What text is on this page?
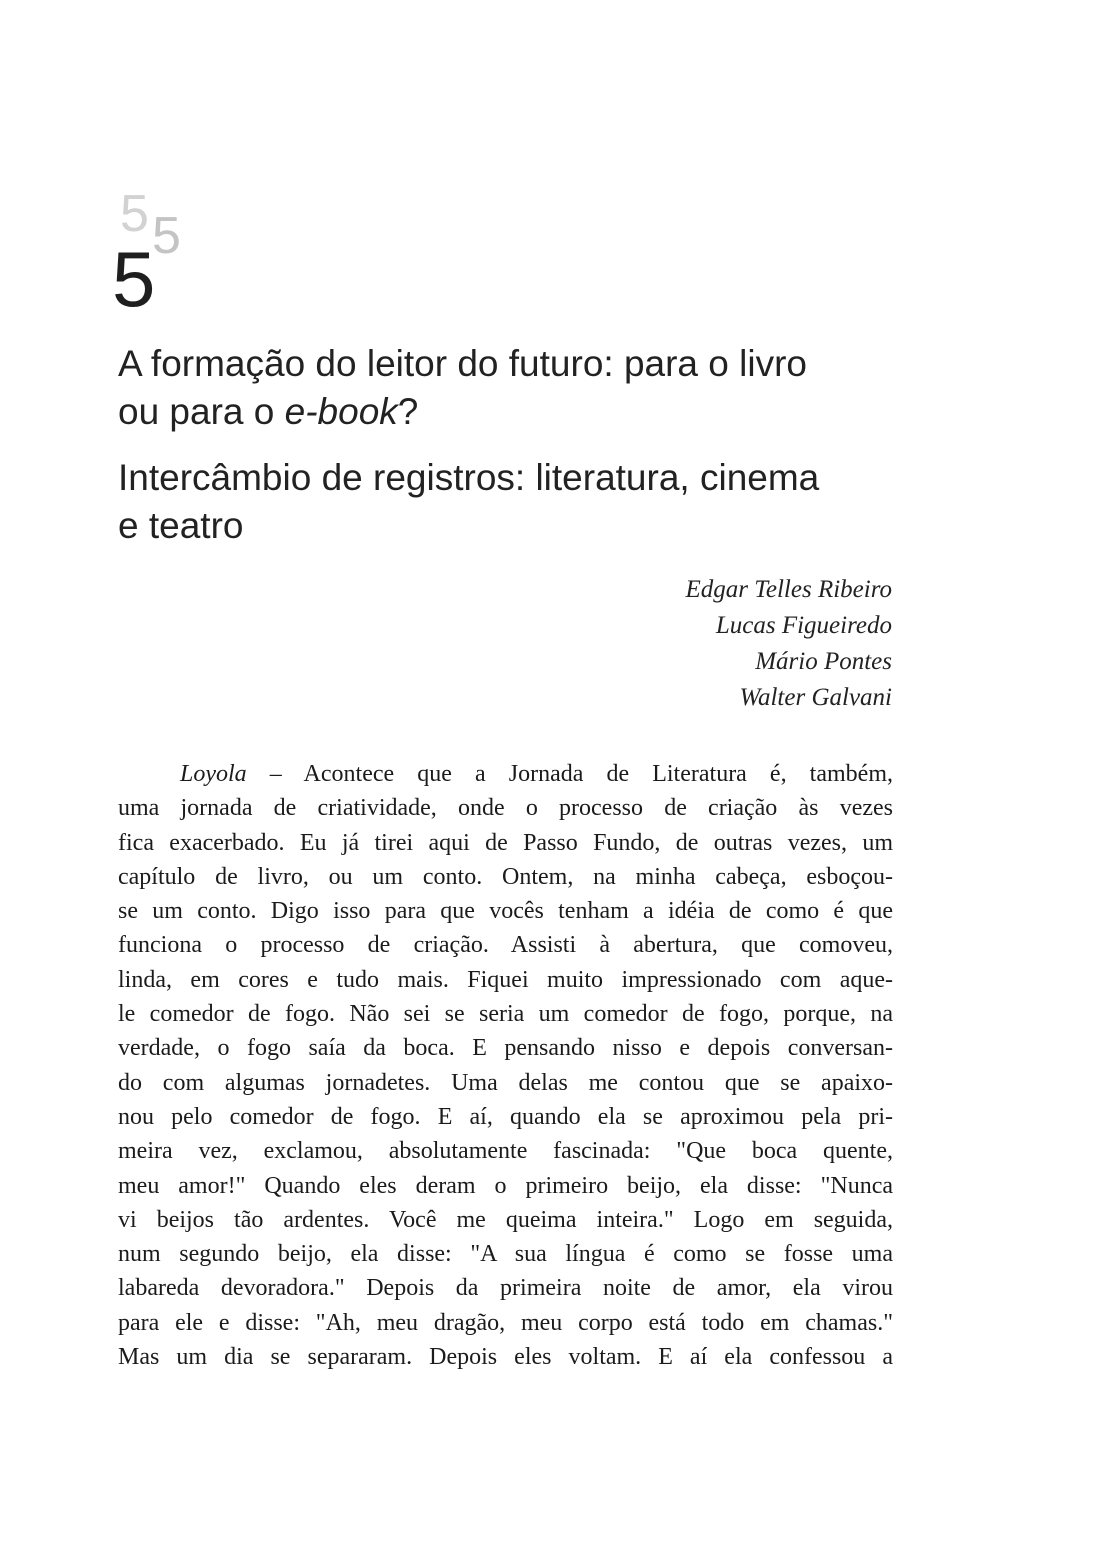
5 5
5
A formação do leitor do futuro: para o livro
ou para o e-book?
Intercâmbio de registros: literatura, cinema
e teatro
Edgar Telles Ribeiro
Lucas Figueiredo
Mário Pontes
Walter Galvani
Loyola – Acontece que a Jornada de Literatura é, também,
uma jornada de criatividade, onde o processo de criação às vezes
fica exacerbado. Eu já tirei aqui de Passo Fundo, de outras vezes, um
capítulo de livro, ou um conto. Ontem, na minha cabeça, esboçou-
se um conto. Digo isso para que vocês tenham a idéia de como é que
funciona o processo de criação. Assisti à abertura, que comoveu,
linda, em cores e tudo mais. Fiquei muito impressionado com aque-
le comedor de fogo. Não sei se seria um comedor de fogo, porque, na
verdade, o fogo saía da boca. E pensando nisso e depois conversan-
do com algumas jornadetes. Uma delas me contou que se apaixo-
nou pelo comedor de fogo. E aí, quando ela se aproximou pela pri-
meira vez, exclamou, absolutamente fascinada: "Que boca quente,
meu amor!" Quando eles deram o primeiro beijo, ela disse: "Nunca
vi beijos tão ardentes. Você me queima inteira." Logo em seguida,
num segundo beijo, ela disse: "A sua língua é como se fosse uma
labareda devoradora." Depois da primeira noite de amor, ela virou
para ele e disse: "Ah, meu dragão, meu corpo está todo em chamas."
Mas um dia se separaram. Depois eles voltam. E aí ela confessou a
